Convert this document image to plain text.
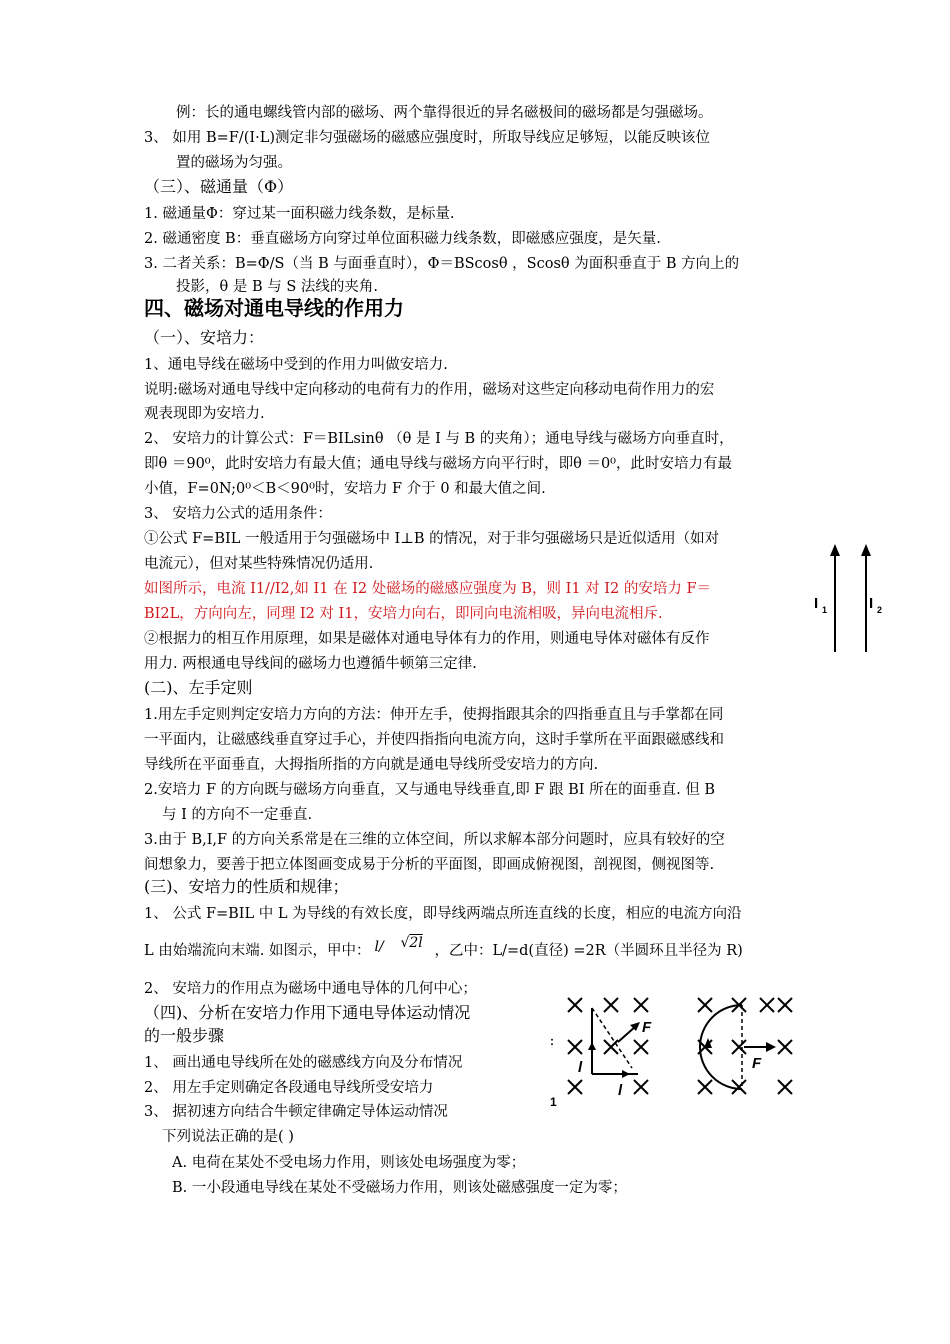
例：长的通电螺线管内部的磁场、两个靠得很近的异名磁极间的磁场都是匀强磁场。
3、 如用 B=F/(I·L)测定非匀强磁场的磁感应强度时，所取导线应足够短，以能反映该位
置的磁场为匀强。
（三）、磁通量（Φ）
1. 磁通量Φ：穿过某一面积磁力线条数，是标量.
2. 磁通密度 B：垂直磁场方向穿过单位面积磁力线条数，即磁感应强度，是矢量.
3. 二者关系：B=Φ/S（当 B 与面垂直时），Φ＝BScosθ ，Scosθ 为面积垂直于 B 方向上的
投影，θ 是 B 与 S 法线的夹角.
四、磁场对通电导线的作用力
（一）、安培力：
1、通电导线在磁场中受到的作用力叫做安培力.
说明:磁场对通电导线中定向移动的电荷有力的作用，磁场对这些定向移动电荷作用力的宏
观表现即为安培力.
2、 安培力的计算公式：F＝BILsinθ （θ 是 I 与 B 的夹角）；通电导线与磁场方向垂直时，
即θ ＝90⁰，此时安培力有最大值；通电导线与磁场方向平行时，即θ ＝0⁰，此时安培力有最
小值，F=0N;0⁰＜B＜90⁰时，安培力 F 介于 0 和最大值之间.
3、 安培力公式的适用条件：
①公式 F=BIL 一般适用于匀强磁场中 I⊥B 的情况，对于非匀强磁场只是近似适用（如对
电流元），但对某些特殊情况仍适用.
如图所示，电流 I1//I2,如 I1 在 I2 处磁场的磁感应强度为 B，则 I1 对 I2 的安培力 F＝
BI2L，方向向左，同理 I2 对 I1，安培力向右，即同向电流相吸，异向电流相斥.
②根据力的相互作用原理，如果是磁体对通电导体有力的作用，则通电导体对磁体有反作
用力. 两根通电导线间的磁场力也遵循牛顿第三定律.
(二)、左手定则
1.用左手定则判定安培力方向的方法：伸开左手，使拇指跟其余的四指垂直且与手掌都在同
一平面内，让磁感线垂直穿过手心，并使四指指向电流方向，这时手掌所在平面跟磁感线和
导线所在平面垂直，大拇指所指的方向就是通电导线所受安培力的方向.
2.安培力 F 的方向既与磁场方向垂直，又与通电导线垂直,即 F 跟 BI 所在的面垂直. 但 B
与 I 的方向不一定垂直.
3.由于 B,I,F 的方向关系常是在三维的立体空间，所以求解本部分问题时，应具有较好的空
间想象力，要善于把立体图画变成易于分析的平面图，即画成俯视图，剖视图，侧视图等.
(三)、安培力的性质和规律；
1、 公式 F=BIL 中 L 为导线的有效长度，即导线两端点所连直线的长度，相应的电流方向沿
L 由始端流向末端. 如图示，甲中： l/ √2l ，乙中：L/=d(直径) =2R（半圆环且半径为 R)
2、 安培力的作用点为磁场中通电导体的几何中心；
（四)、分析在安培力作用下通电导体运动情况
的一般步骤
1、 画出通电导线所在处的磁感线方向及分布情况
2、 用左手定则确定各段通电导线所受安培力
3、 据初速方向结合牛顿定律确定导体运动情况
下列说法正确的是( )
A. 电荷在某处不受电场力作用，则该处电场强度为零；
B. 一小段通电导线在某处不受磁场力作用，则该处磁感强度一定为零；
I 1	I 2
F
l
l
:
1
F
